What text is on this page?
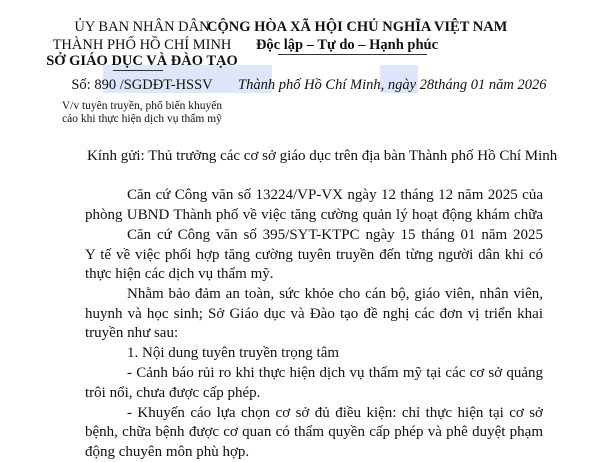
ỦY BAN NHÂN DÂN
THÀNH PHỐ HỒ CHÍ MINH
SỞ GIÁO DỤC VÀ ĐÀO TẠO
Số: 890 /SGDĐT-HSSV
V/v tuyên truyền, phổ biến khuyến
cáo khi thực hiện dịch vụ thẩm mỹ
CỘNG HÒA XÃ HỘI CHỦ NGHĨA VIỆT NAM
Độc lập – Tự do – Hạnh phúc
Thành phố Hồ Chí Minh, ngày 28tháng 01 năm 2026
Kính gửi: Thủ trưởng các cơ sở giáo dục trên địa bàn Thành phố Hồ Chí Minh
Căn cứ Công văn số 13224/VP-VX ngày 12 tháng 12 năm 2025 của
phòng UBND Thành phố về việc tăng cường quản lý hoạt động khám chữa
Căn cứ Công văn số 395/SYT-KTPC ngày 15 tháng 01 năm 2025
Y tế về việc phối hợp tăng cường tuyên truyền đến từng người dân khi có
thực hiện các dịch vụ thẩm mỹ.
Nhằm bảo đảm an toàn, sức khỏe cho cán bộ, giáo viên, nhân viên,
huynh và học sinh; Sở Giáo dục và Đào tạo đề nghị các đơn vị triển khai
truyền như sau:
1. Nội dung tuyên truyền trọng tâm
- Cảnh báo rủi ro khi thực hiện dịch vụ thẩm mỹ tại các cơ sở quảng
trôi nổi, chưa được cấp phép.
- Khuyến cáo lựa chọn cơ sở đủ điều kiện: chỉ thực hiện tại cơ sở
bệnh, chữa bệnh được cơ quan có thẩm quyền cấp phép và phê duyệt phạm
động chuyên môn phù hợp.
